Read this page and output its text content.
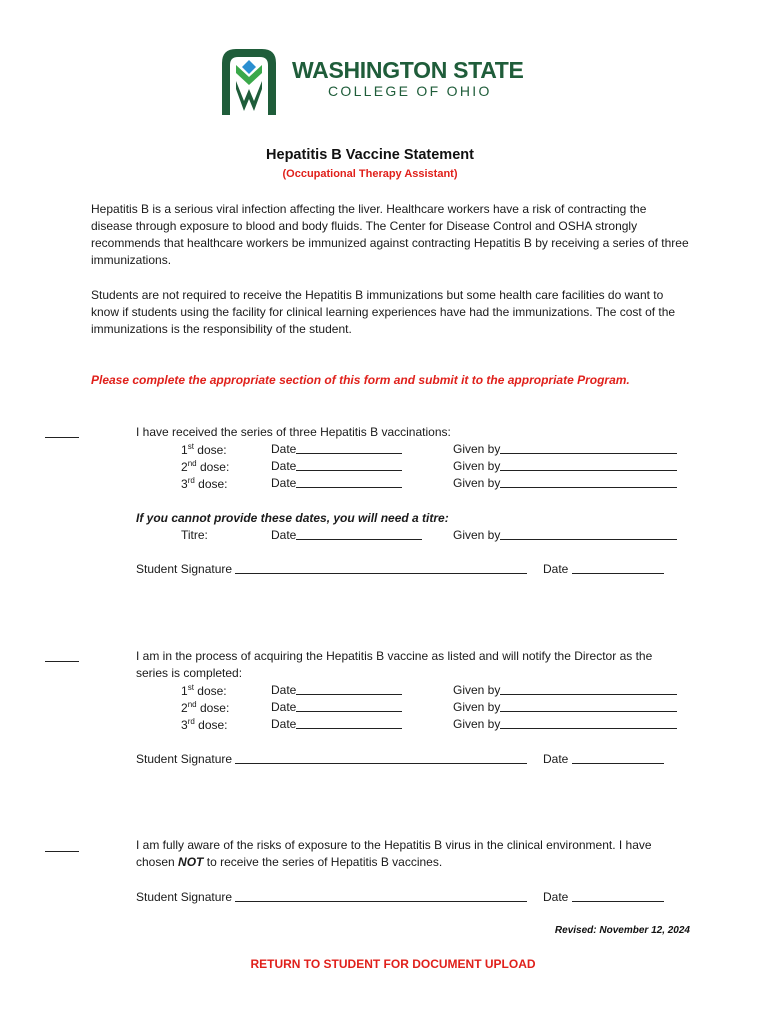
WASHINGTON STATE
COLLEGE OF OHIO
Hepatitis B Vaccine Statement
(Occupational Therapy Assistant)
Hepatitis B is a serious viral infection affecting the liver. Healthcare workers have a risk of contracting the disease through exposure to blood and body fluids. The Center for Disease Control and OSHA strongly recommends that healthcare workers be immunized against contracting Hepatitis B by receiving a series of three immunizations.
Students are not required to receive the Hepatitis B immunizations but some health care facilities do want to know if students using the facility for clinical learning experiences have had the immunizations. The cost of the immunizations is the responsibility of the student.
Please complete the appropriate section of this form and submit it to the appropriate Program.
I have received the series of three Hepatitis B vaccinations:
1st dose:	Date	Given by
2nd dose:	Date	Given by
3rd dose:	Date	Given by
If you cannot provide these dates, you will need a titre:
Titre:	Date	Given by
Student Signature	Date
I am in the process of acquiring the Hepatitis B vaccine as listed and will notify the Director as the
series is completed:
1st dose:	Date	Given by
2nd dose:	Date	Given by
3rd dose:	Date	Given by
Student Signature	Date
I am fully aware of the risks of exposure to the Hepatitis B virus in the clinical environment. I have
chosen NOT to receive the series of Hepatitis B vaccines.
Student Signature	Date
Revised: November 12, 2024
RETURN TO STUDENT FOR DOCUMENT UPLOAD
